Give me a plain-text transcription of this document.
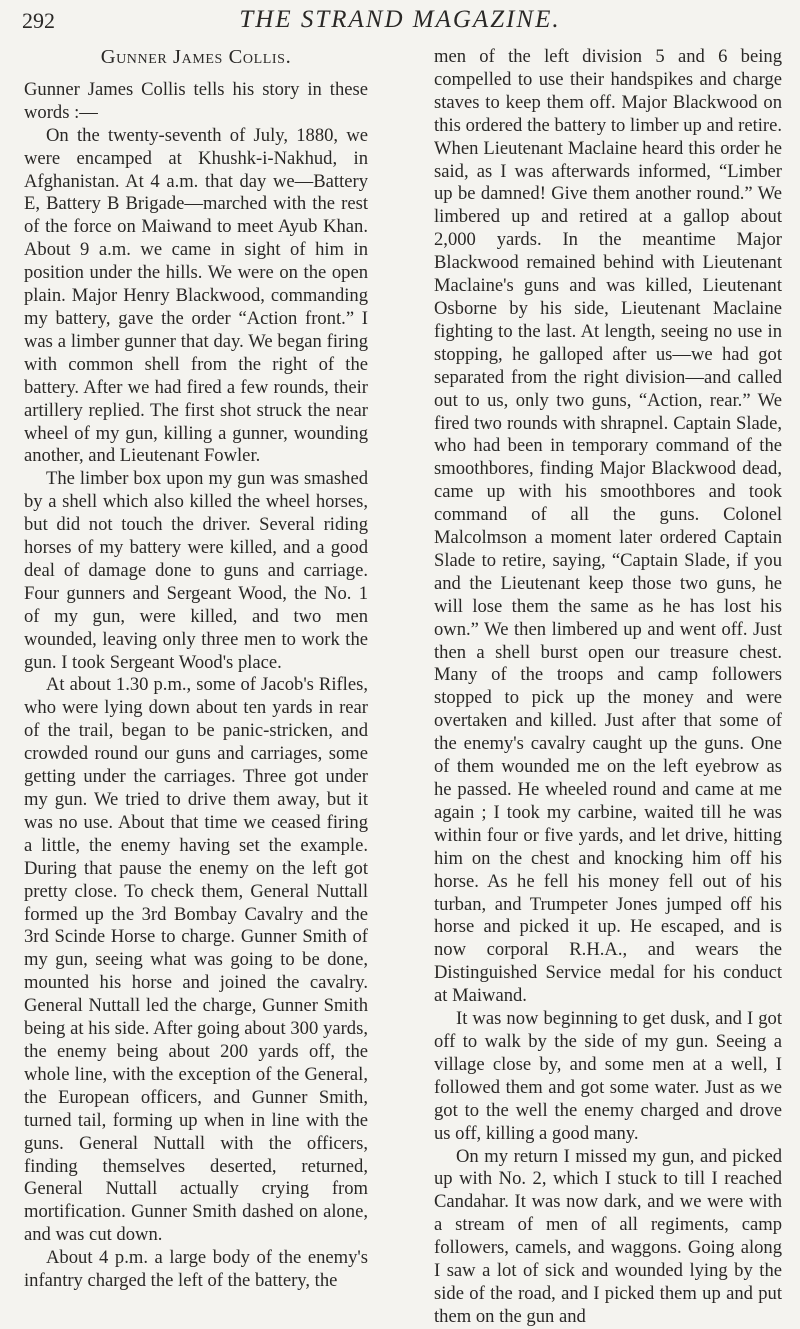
292	THE STRAND MAGAZINE.
Gunner James Collis.

Gunner James Collis tells his story in these words :—

On the twenty-seventh of July, 1880, we were encamped at Khushk-i-Nakhud, in Afghanistan. At 4 a.m. that day we—Battery E, Battery B Brigade—marched with the rest of the force on Maiwand to meet Ayub Khan. About 9 a.m. we came in sight of him in position under the hills. We were on the open plain. Major Henry Blackwood, commanding my battery, gave the order “Action front.” I was a limber gunner that day. We began firing with common shell from the right of the battery. After we had fired a few rounds, their artillery replied. The first shot struck the near wheel of my gun, killing a gunner, wounding another, and Lieutenant Fowler.

The limber box upon my gun was smashed by a shell which also killed the wheel horses, but did not touch the driver. Several riding horses of my battery were killed, and a good deal of damage done to guns and carriage. Four gunners and Sergeant Wood, the No. 1 of my gun, were killed, and two men wounded, leaving only three men to work the gun. I took Sergeant Wood's place.

At about 1.30 p.m., some of Jacob's Rifles, who were lying down about ten yards in rear of the trail, began to be panic-stricken, and crowded round our guns and carriages, some getting under the carriages. Three got under my gun. We tried to drive them away, but it was no use. About that time we ceased firing a little, the enemy having set the example. During that pause the enemy on the left got pretty close. To check them, General Nuttall formed up the 3rd Bombay Cavalry and the 3rd Scinde Horse to charge. Gunner Smith of my gun, seeing what was going to be done, mounted his horse and joined the cavalry. General Nuttall led the charge, Gunner Smith being at his side. After going about 300 yards, the enemy being about 200 yards off, the whole line, with the exception of the General, the European officers, and Gunner Smith, turned tail, forming up when in line with the guns. General Nuttall with the officers, finding themselves deserted, returned, General Nuttall actually crying from mortification. Gunner Smith dashed on alone, and was cut down.

About 4 p.m. a large body of the enemy's infantry charged the left of the battery, the

men of the left division 5 and 6 being compelled to use their handspikes and charge staves to keep them off. Major Blackwood on this ordered the battery to limber up and retire. When Lieutenant Maclaine heard this order he said, as I was afterwards informed, “Limber up be damned! Give them another round.” We limbered up and retired at a gallop about 2,000 yards. In the meantime Major Blackwood remained behind with Lieutenant Maclaine's guns and was killed, Lieutenant Osborne by his side, Lieutenant Maclaine fighting to the last. At length, seeing no use in stopping, he galloped after us—we had got separated from the right division—and called out to us, only two guns, “Action, rear.” We fired two rounds with shrapnel. Captain Slade, who had been in temporary command of the smoothbores, finding Major Blackwood dead, came up with his smoothbores and took command of all the guns. Colonel Malcolmson a moment later ordered Captain Slade to retire, saying, “Captain Slade, if you and the Lieutenant keep those two guns, he will lose them the same as he has lost his own.” We then limbered up and went off. Just then a shell burst open our treasure chest. Many of the troops and camp followers stopped to pick up the money and were overtaken and killed. Just after that some of the enemy's cavalry caught up the guns. One of them wounded me on the left eyebrow as he passed. He wheeled round and came at me again ; I took my carbine, waited till he was within four or five yards, and let drive, hitting him on the chest and knocking him off his horse. As he fell his money fell out of his turban, and Trumpeter Jones jumped off his horse and picked it up. He escaped, and is now corporal R.H.A., and wears the Distinguished Service medal for his conduct at Maiwand.

It was now beginning to get dusk, and I got off to walk by the side of my gun. Seeing a village close by, and some men at a well, I followed them and got some water. Just as we got to the well the enemy charged and drove us off, killing a good many.

On my return I missed my gun, and picked up with No. 2, which I stuck to till I reached Candahar. It was now dark, and we were with a stream of men of all regiments, camp followers, camels, and waggons. Going along I saw a lot of sick and wounded lying by the side of the road, and I picked them up and put them on the gun and
